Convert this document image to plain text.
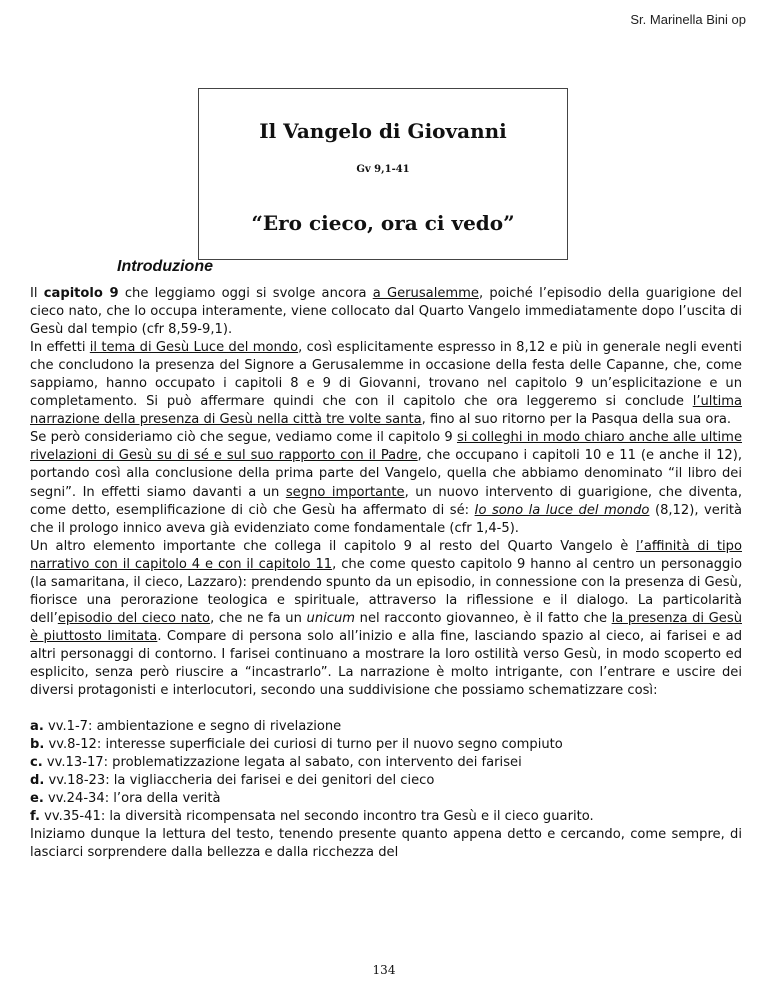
Sr. Marinella Bini op
Il Vangelo di Giovanni
Gv 9,1-41
“Ero cieco, ora ci vedo”
Introduzione

Il capitolo 9 che leggiamo oggi si svolge ancora a Gerusalemme, poiché l’episodio della guarigione del cieco nato, che lo occupa interamente, viene collocato dal Quarto Vangelo immediatamente dopo l’uscita di Gesù dal tempio (cfr 8,59-9,1).

In effetti il tema di Gesù Luce del mondo, così esplicitamente espresso in 8,12 e più in generale negli eventi che concludono la presenza del Signore a Gerusalemme in occasione della festa delle Capanne, che, come sappiamo, hanno occupato i capitoli 8 e 9 di Giovanni, trovano nel capitolo 9 un’esplicitazione e un completamento. Si può affermare quindi che con il capitolo che ora leggeremo si conclude l’ultima narrazione della presenza di Gesù nella città tre volte santa, fino al suo ritorno per la Pasqua della sua ora.

Se però consideriamo ciò che segue, vediamo come il capitolo 9 si colleghi in modo chiaro anche alle ultime rivelazioni di Gesù su di sé e sul suo rapporto con il Padre, che occupano i capitoli 10 e 11 (e anche il 12), portando così alla conclusione della prima parte del Vangelo, quella che abbiamo denominato “il libro dei segni”. In effetti siamo davanti a un segno importante, un nuovo intervento di guarigione, che diventa, come detto, esemplificazione di ciò che Gesù ha affermato di sé: Io sono la luce del mondo (8,12), verità che il prologo innico aveva già evidenziato come fondamentale (cfr 1,4-5).

Un altro elemento importante che collega il capitolo 9 al resto del Quarto Vangelo è l’affinità di tipo narrativo con il capitolo 4 e con il capitolo 11, che come questo capitolo 9 hanno al centro un personaggio (la samaritana, il cieco, Lazzaro): prendendo spunto da un episodio, in connessione con la presenza di Gesù, fiorisce una perorazione teologica e spirituale, attraverso la riflessione e il dialogo. La particolarità dell’episodio del cieco nato, che ne fa un unicum nel racconto giovanneo, è il fatto che la presenza di Gesù è piuttosto limitata. Compare di persona solo all’inizio e alla fine, lasciando spazio al cieco, ai farisei e ad altri personaggi di contorno. I farisei continuano a mostrare la loro ostilità verso Gesù, in modo scoperto ed esplicito, senza però riuscire a “incastrarlo”. La narrazione è molto intrigante, con l’entrare e uscire dei diversi protagonisti e interlocutori, secondo una suddivisione che possiamo schematizzare così:

a. vv.1-7: ambientazione e segno di rivelazione
b. vv.8-12: interesse superficiale dei curiosi di turno per il nuovo segno compiuto
c. vv.13-17: problematizzazione legata al sabato, con intervento dei farisei
d. vv.18-23: la vigliaccheria dei farisei e dei genitori del cieco
e. vv.24-34: l’ora della verità
f. vv.35-41: la diversità ricompensata nel secondo incontro tra Gesù e il cieco guarito.

Iniziamo dunque la lettura del testo, tenendo presente quanto appena detto e cercando, come sempre, di lasciarci sorprendere dalla bellezza e dalla ricchezza del

134
